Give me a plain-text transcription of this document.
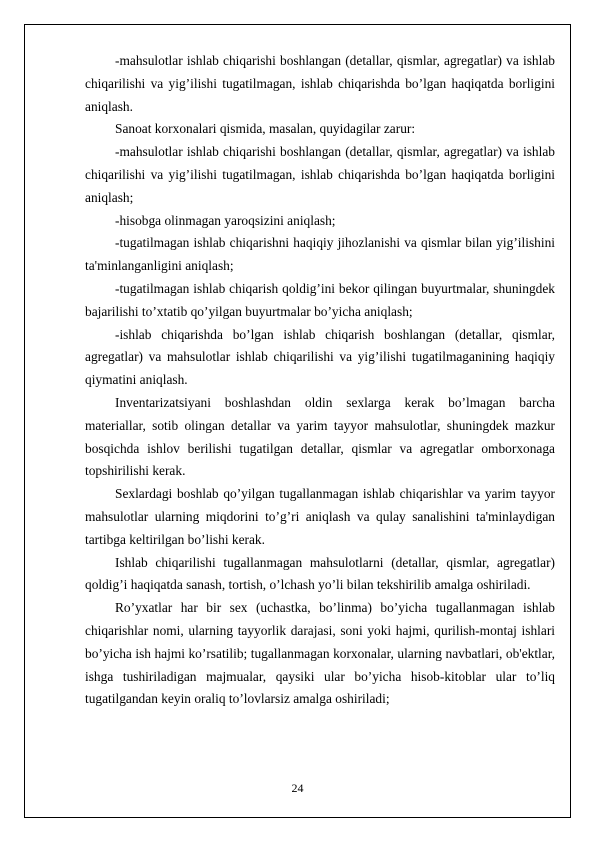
-mahsulotlar ishlab chiqarishi boshlangan (detallar, qismlar, agregatlar) va ishlab chiqarilishi va yig’ilishi tugatilmagan, ishlab chiqarishda bo’lgan haqiqatda borligini aniqlash.

Sanoat korxonalari qismida, masalan, quyidagilar zarur:

-mahsulotlar ishlab chiqarishi boshlangan (detallar, qismlar, agregatlar) va ishlab chiqarilishi va yig’ilishi tugatilmagan, ishlab chiqarishda bo’lgan haqiqatda borligini aniqlash;

-hisobga olinmagan yaroqsizini aniqlash;

-tugatilmagan ishlab chiqarishni haqiqiy jihozlanishi va qismlar bilan yig’ilishini ta'minlanganligini aniqlash;

-tugatilmagan ishlab chiqarish qoldig’ini bekor qilingan buyurtmalar, shuningdek bajarilishi to’xtatib qo’yilgan buyurtmalar bo’yicha aniqlash;

-ishlab chiqarishda bo’lgan ishlab chiqarish boshlangan (detallar, qismlar, agregatlar) va mahsulotlar ishlab chiqarilishi va yig’ilishi tugatilmaganining haqiqiy qiymatini aniqlash.

Inventarizatsiyani boshlashdan oldin sexlarga kerak bo’lmagan barcha materiallar, sotib olingan detallar va yarim tayyor mahsulotlar, shuningdek mazkur bosqichda ishlov berilishi tugatilgan detallar, qismlar va agregatlar omborxonaga topshirilishi kerak.

Sexlardagi boshlab qo’yilgan tugallanmagan ishlab chiqarishlar va yarim tayyor mahsulotlar ularning miqdorini to’g’ri aniqlash va qulay sanalishini ta'minlaydigan tartibga keltirilgan bo’lishi kerak.

Ishlab chiqarilishi tugallanmagan mahsulotlarni (detallar, qismlar, agregatlar) qoldig’i haqiqatda sanash, tortish, o’lchash yo’li bilan tekshirilib amalga oshiriladi.

Ro’yxatlar har bir sex (uchastka, bo’linma) bo’yicha tugallanmagan ishlab chiqarishlar nomi, ularning tayyorlik darajasi, soni yoki hajmi, qurilish-montaj ishlari bo’yicha ish hajmi ko’rsatilib; tugallanmagan korxonalar, ularning navbatlari, ob'ektlar, ishga tushiriladigan majmualar, qaysiki ular bo’yicha hisob-kitoblar ular to’liq tugatilgandan keyin oraliq to’lovlarsiz amalga oshiriladi;

24
